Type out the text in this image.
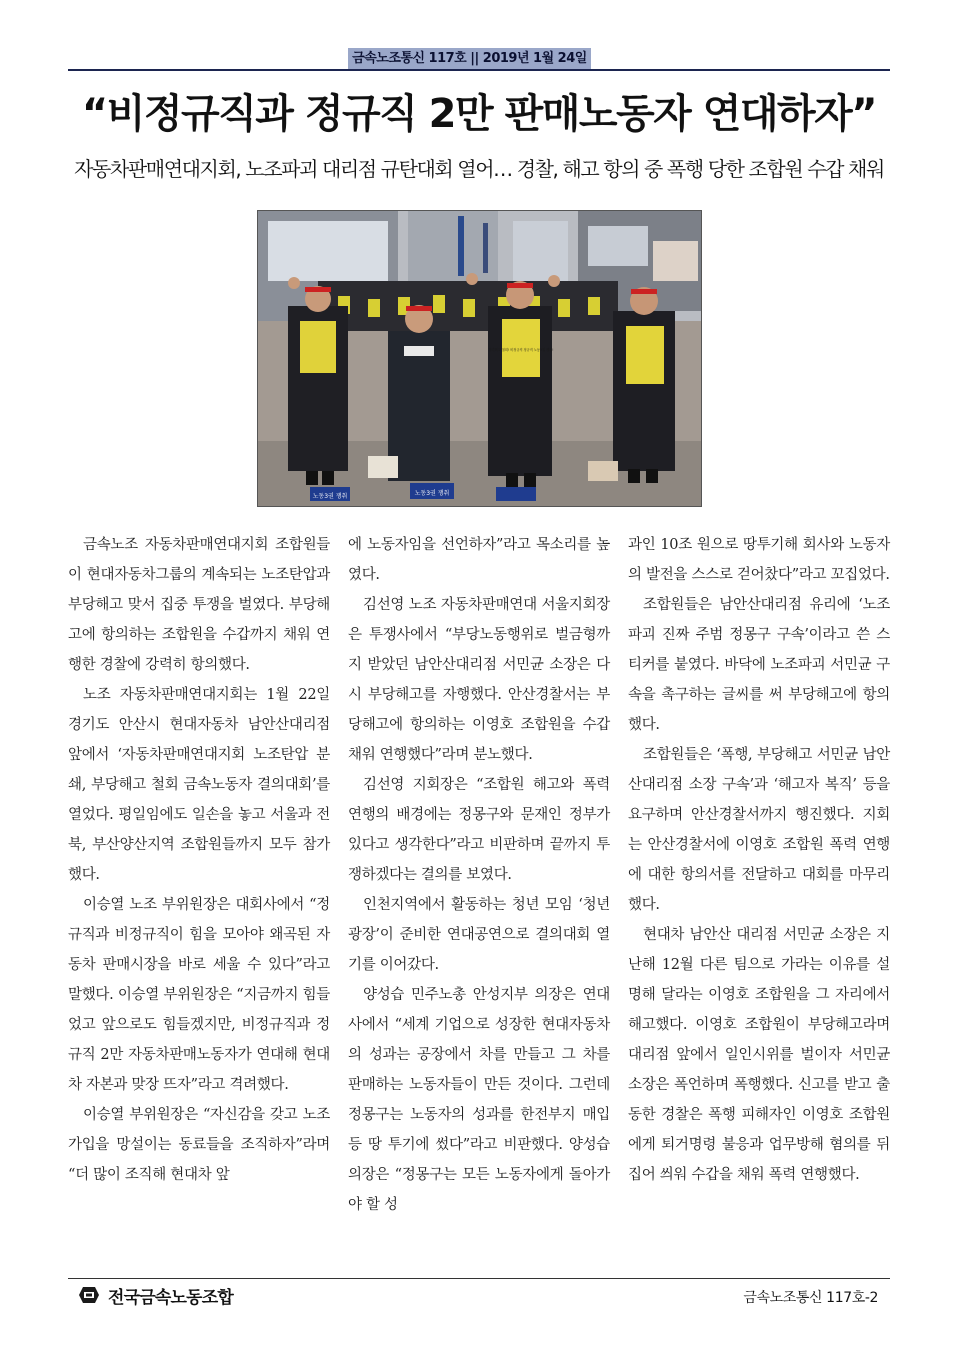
금속노조통신 117호 || 2019년 1월 24일
“비정규직과 정규직 2만 판매노동자 연대하자”
자동차판매연대지회, 노조파괴 대리점 규탄대회 열어… 경찰, 해고 항의 중 폭행 당한 조합원 수갑 채워
노동3권 쟁취	노동3권 쟁취
정리해고 철회! 비정규직 정규직 노동3권 쟁취!

금속노조 자동차판매연대지회 조합원들이 현대자동차그룹의 계속되는 노조탄압과 부당해고 맞서 집중 투쟁을 벌였다. 부당해고에 항의하는 조합원을 수갑까지 채워 연행한 경찰에 강력히 항의했다.

노조 자동차판매연대지회는 1월 22일 경기도 안산시 현대자동차 남안산대리점 앞에서 ‘자동차판매연대지회 노조탄압 분쇄, 부당해고 철회 금속노동자 결의대회’를 열었다. 평일임에도 일손을 놓고 서울과 전북, 부산양산지역 조합원들까지 모두 참가했다.

이승열 노조 부위원장은 대회사에서 “정규직과 비정규직이 힘을 모아야 왜곡된 자동차 판매시장을 바로 세울 수 있다”라고 말했다. 이승열 부위원장은 “지금까지 힘들었고 앞으로도 힘들겠지만, 비정규직과 정규직 2만 자동차판매노동자가 연대해 현대차 자본과 맞장 뜨자”라고 격려했다.

이승열 부위원장은 “자신감을 갖고 노조 가입을 망설이는 동료들을 조직하자”라며 “더 많이 조직해 현대차 앞

에 노동자임을 선언하자”라고 목소리를 높였다.

김선영 노조 자동차판매연대 서울지회장은 투쟁사에서 “부당노동행위로 벌금형까지 받았던 남안산대리점 서민균 소장은 다시 부당해고를 자행했다. 안산경찰서는 부당해고에 항의하는 이영호 조합원을 수갑 채워 연행했다”라며 분노했다.

김선영 지회장은 “조합원 해고와 폭력 연행의 배경에는 정몽구와 문재인 정부가 있다고 생각한다”라고 비판하며 끝까지 투쟁하겠다는 결의를 보였다.

인천지역에서 활동하는 청년 모임 ‘청년광장’이 준비한 연대공연으로 결의대회 열기를 이어갔다.

양성습 민주노총 안성지부 의장은 연대사에서 “세계 기업으로 성장한 현대자동차의 성과는 공장에서 차를 만들고 그 차를 판매하는 노동자들이 만든 것이다. 그런데 정몽구는 노동자의 성과를 한전부지 매입 등 땅 투기에 썼다”라고 비판했다. 양성습 의장은 “정몽구는 모든 노동자에게 돌아가야 할 성

과인 10조 원으로 땅투기해 회사와 노동자의 발전을 스스로 걷어찼다”라고 꼬집었다.

조합원들은 남안산대리점 유리에 ‘노조파괴 진짜 주범 정몽구 구속’이라고 쓴 스티커를 붙였다. 바닥에 노조파괴 서민균 구속을 촉구하는 글씨를 써 부당해고에 항의했다.

조합원들은 ‘폭행, 부당해고 서민균 남안산대리점 소장 구속’과 ‘해고자 복직’ 등을 요구하며 안산경찰서까지 행진했다. 지회는 안산경찰서에 이영호 조합원 폭력 연행에 대한 항의서를 전달하고 대회를 마무리했다.

현대차 남안산 대리점 서민균 소장은 지난해 12월 다른 팀으로 가라는 이유를 설명해 달라는 이영호 조합원을 그 자리에서 해고했다. 이영호 조합원이 부당해고라며 대리점 앞에서 일인시위를 벌이자 서민균 소장은 폭언하며 폭행했다. 신고를 받고 출동한 경찰은 폭행 피해자인 이영호 조합원에게 퇴거명령 불응과 업무방해 혐의를 뒤집어 씌워 수갑을 채워 폭력 연행했다.

전국금속노동조합	금속노조통신 117호-2
